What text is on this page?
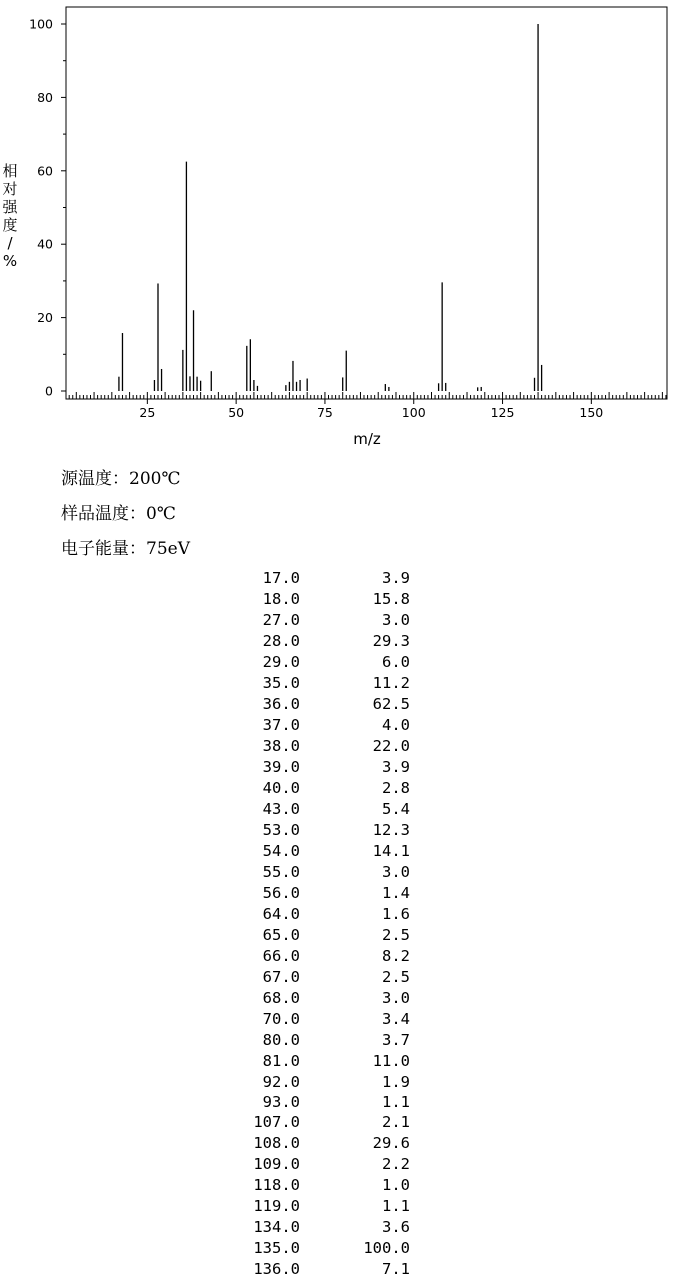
25	50	75	100	125	150
0
20
40
60
80
100
m/z
相对强度/ %
源温度：200℃
样品温度：0℃
电子能量：75eV
17.0	3.9
18.0	15.8
27.0	3.0
28.0	29.3
29.0	6.0
35.0	11.2
36.0	62.5
37.0	4.0
38.0	22.0
39.0	3.9
40.0	2.8
43.0	5.4
53.0	12.3
54.0	14.1
55.0	3.0
56.0	1.4
64.0	1.6
65.0	2.5
66.0	8.2
67.0	2.5
68.0	3.0
70.0	3.4
80.0	3.7
81.0	11.0
92.0	1.9
93.0	1.1
107.0	2.1
108.0	29.6
109.0	2.2
118.0	1.0
119.0	1.1
134.0	3.6
135.0	100.0
136.0	7.1
